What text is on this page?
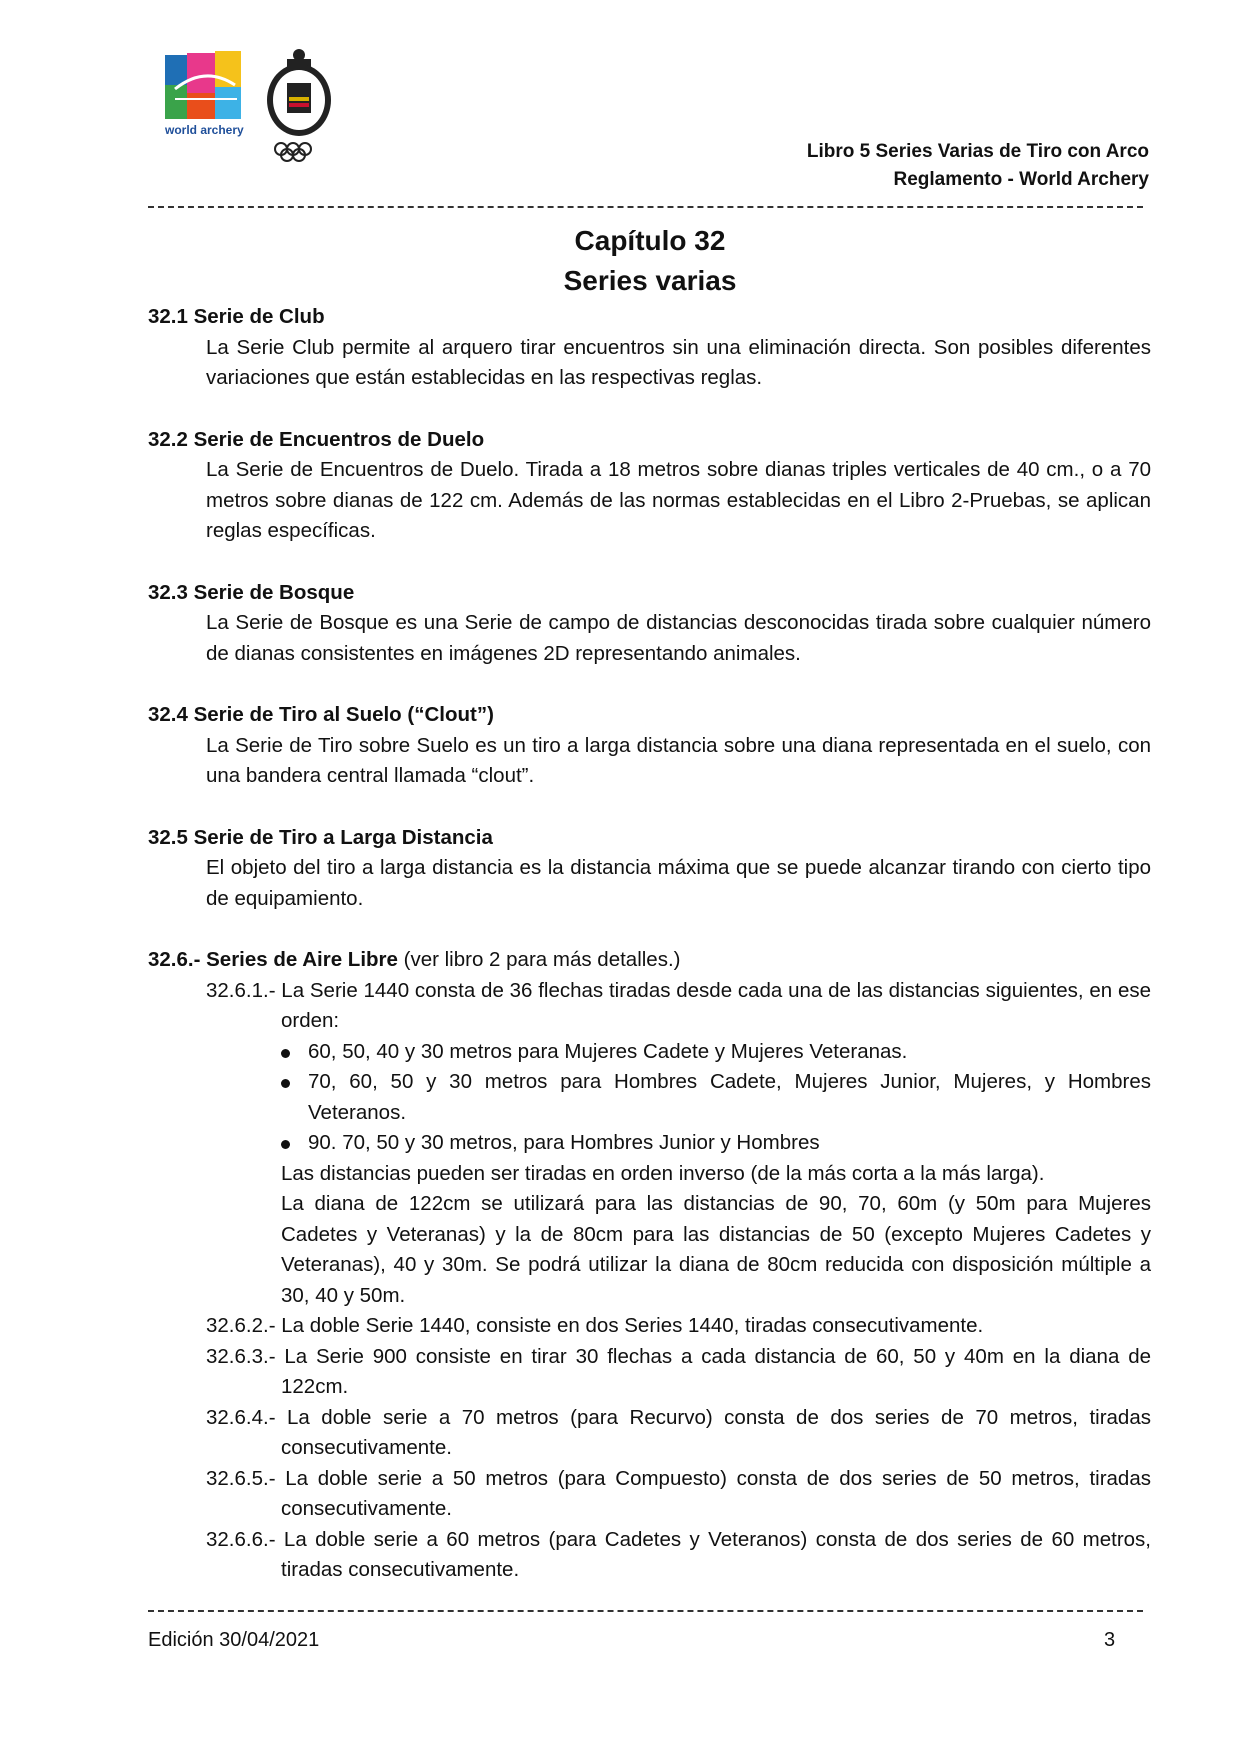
world archery
Libro 5 Series Varias de Tiro con Arco
Reglamento - World Archery
Capítulo 32
Series varias

32.1 Serie de Club

La Serie Club permite al arquero tirar encuentros sin una eliminación directa. Son posibles diferentes variaciones que están establecidas en las respectivas reglas.

32.2 Serie de Encuentros de Duelo

La Serie de Encuentros de Duelo. Tirada a 18 metros sobre dianas triples verticales de 40 cm., o a 70 metros sobre dianas de 122 cm. Además de las normas establecidas en el Libro 2-Pruebas, se aplican reglas específicas.

32.3 Serie de Bosque

La Serie de Bosque es una Serie de campo de distancias desconocidas tirada sobre cualquier número de dianas consistentes en imágenes 2D representando animales.

32.4 Serie de Tiro al Suelo (“Clout”)

La Serie de Tiro sobre Suelo es un tiro a larga distancia sobre una diana representada en el suelo, con una bandera central llamada “clout”.

32.5 Serie de Tiro a Larga Distancia

El objeto del tiro a larga distancia es la distancia máxima que se puede alcanzar tirando con cierto tipo de equipamiento.

32.6.- Series de Aire Libre (ver libro 2 para más detalles.)

32.6.1.- La Serie 1440 consta de 36 flechas tiradas desde cada una de las distancias siguientes, en ese orden:

60, 50, 40 y 30 metros para Mujeres Cadete y Mujeres Veteranas.
70, 60, 50 y 30 metros para Hombres Cadete, Mujeres Junior, Mujeres, y Hombres Veteranos.
90. 70, 50 y 30 metros, para Hombres Junior y Hombres

Las distancias pueden ser tiradas en orden inverso (de la más corta a la más larga).

La diana de 122cm se utilizará para las distancias de 90, 70, 60m (y 50m para Mujeres Cadetes y Veteranas) y la de 80cm para las distancias de 50 (excepto Mujeres Cadetes y Veteranas), 40 y 30m. Se podrá utilizar la diana de 80cm reducida con disposición múltiple a 30, 40 y 50m.

32.6.2.- La doble Serie 1440, consiste en dos Series 1440, tiradas consecutivamente.

32.6.3.- La Serie 900 consiste en tirar 30 flechas a cada distancia de 60, 50 y 40m en la diana de 122cm.

32.6.4.- La doble serie a 70 metros (para Recurvo) consta de dos series de 70 metros, tiradas consecutivamente.

32.6.5.- La doble serie a 50 metros (para Compuesto) consta de dos series de 50 metros, tiradas consecutivamente.

32.6.6.- La doble serie a 60 metros (para Cadetes y Veteranos) consta de dos series de 60 metros, tiradas consecutivamente.

Edición 30/04/2021	3
